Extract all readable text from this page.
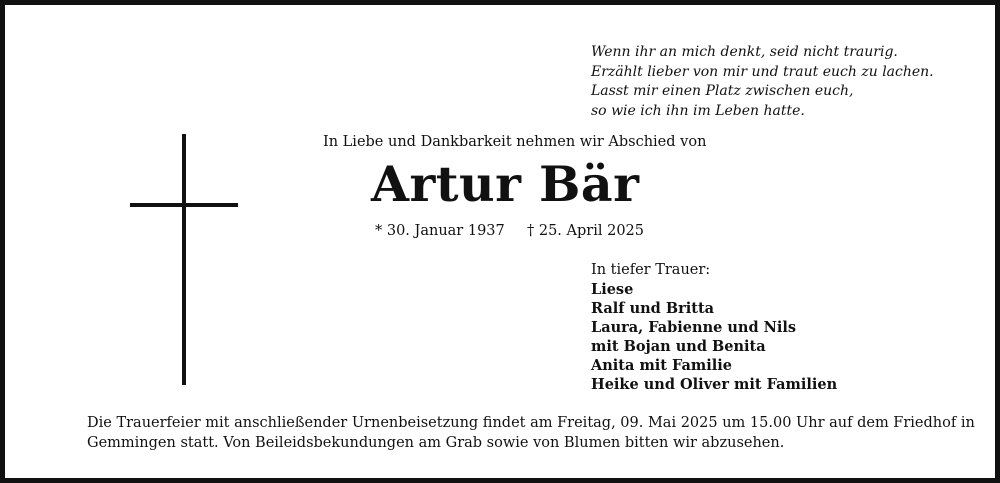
Wenn ihr an mich denkt, seid nicht traurig.
Erzählt lieber von mir und traut euch zu lachen.
Lasst mir einen Platz zwischen euch,
so wie ich ihn im Leben hatte.
In Liebe und Dankbarkeit nehmen wir Abschied von
Artur Bär
* 30. Januar 1937 † 25. April 2025
In tiefer Trauer:
Liese
Ralf und Britta
Laura, Fabienne und Nils
mit Bojan und Benita
Anita mit Familie
Heike und Oliver mit Familien
Die Trauerfeier mit anschließender Urnenbeisetzung findet am Freitag, 09. Mai 2025 um 15.00 Uhr auf dem Friedhof in
Gemmingen statt. Von Beileidsbekundungen am Grab sowie von Blumen bitten wir abzusehen.
